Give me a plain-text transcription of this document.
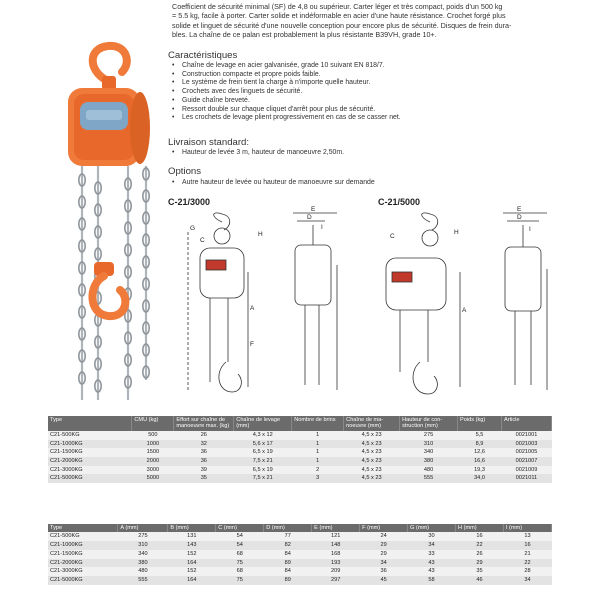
Coefficient de sécurité minimal (SF) de 4,8 ou supérieur. Carter léger et très compact, poids d'un 500 kg
= 5.5 kg, facile à porter. Carter solide et indéformable en acier d'une haute résistance. Crochet forgé plus
solide et linguet de sécurité d'une nouvelle conception pour encore plus de sécurité. Disques de frein dura-
bles. La chaîne de ce palan est probablement la plus résistante B39VH, grade 10+.
Caractéristiques
• Chaîne de levage en acier galvanisée, grade 10 suivant EN 818/7.
• Construction compacte et propre poids faible.
• Le système de frein tient la charge à n'importe quelle hauteur.
• Crochets avec des linguets de sécurité.
• Guide chaîne breveté.
• Ressort double sur chaque cliquet d'arrêt pour plus de sécurité.
• Les crochets de levage plient progressivement en cas de se casser net.
Livraison standard:
• Hauteur de levée 3 m, hauteur de manoeuvre 2,50m.
Options
• Autre hauteur de levée ou hauteur de manoeuvre sur demande
C-21/3000	C-21/5000
G
C
H
A
F
E
D
I
C
H
A
E
D
I
Type	CMU (kg)	Effort sur chaîne de manoeuvre max. (kg)	Chaîne de levage (mm)	Nombre de brins	Chaîne de ma-noeuvre (mm)	Hauteur de con-struction (mm)	Poids (kg)	Article
C21-500KG	500	26	4,3 x 12	1	4,5 x 23	275	5,5	0021001
C21-1000KG	1000	32	5,6 x 17	1	4,5 x 23	310	8,9	0021003
C21-1500KG	1500	36	6,5 x 19	1	4,5 x 23	340	12,6	0021005
C21-2000KG	2000	36	7,5 x 21	1	4,5 x 23	380	16,6	0021007
C21-3000KG	3000	39	6,5 x 19	2	4,5 x 23	480	19,3	0021009
C21-5000KG	5000	35	7,5 x 21	3	4,5 x 23	555	34,0	0021011
Type	A (mm)	B (mm)	C (mm)	D (mm)	E (mm)	F (mm)	G (mm)	H (mm)	I (mm)
C21-500KG	275	131	54	77	121	24	30	16	13
C21-1000KG	310	143	54	82	148	29	34	22	16
C21-1500KG	340	152	68	84	168	29	33	26	21
C21-2000KG	380	164	75	89	193	34	43	29	22
C21-3000KG	480	152	68	84	209	36	43	35	28
C21-5000KG	555	164	75	89	297	45	58	46	34
